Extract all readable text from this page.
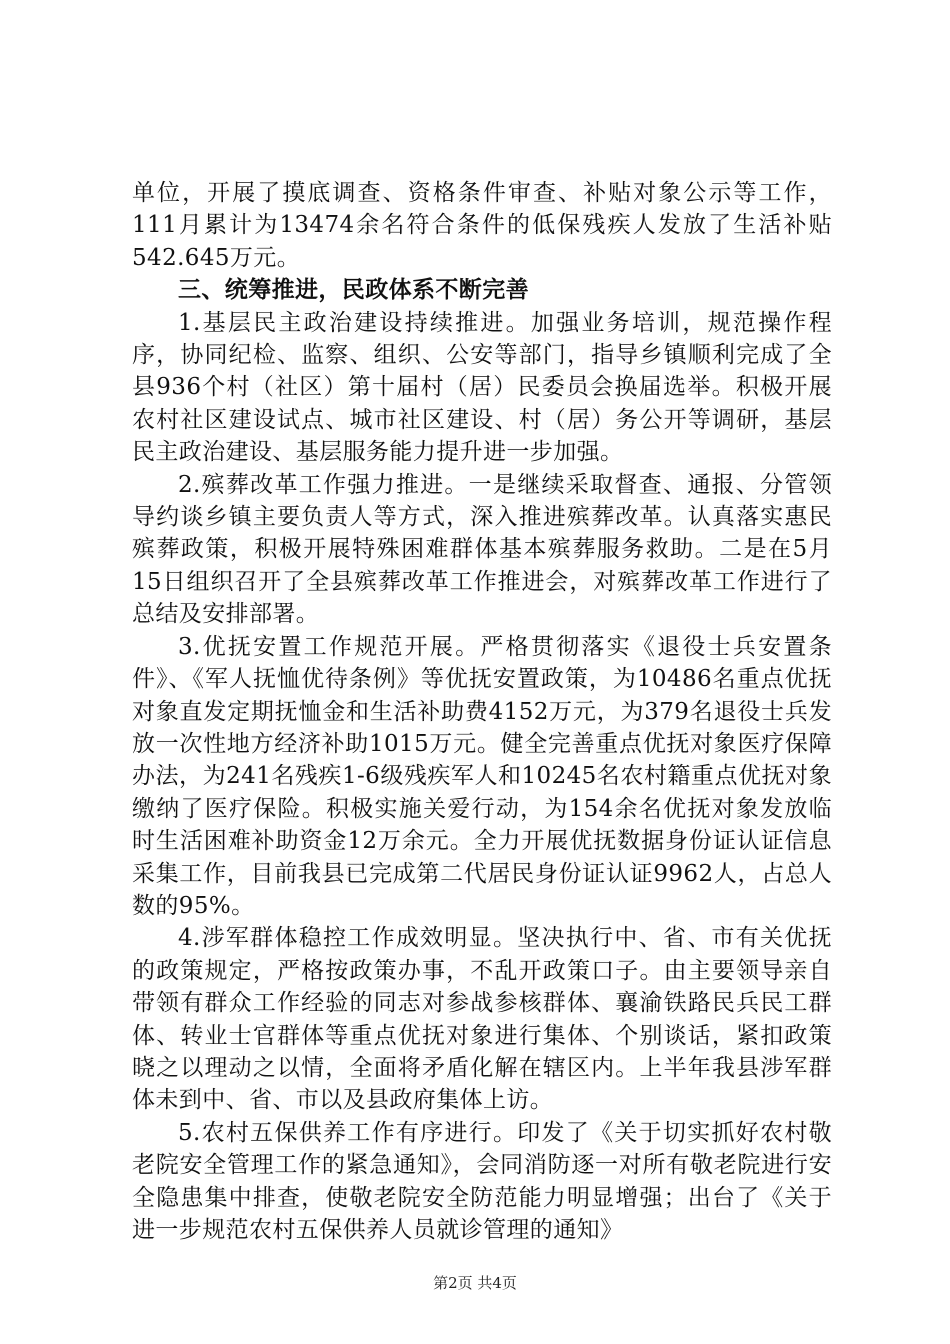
单位，开展了摸底调查、资格条件审查、补贴对象公示等工作，111月累计为13474余名符合条件的低保残疾人发放了生活补贴542.645万元。

三、统筹推进，民政体系不断完善

1.基层民主政治建设持续推进。加强业务培训，规范操作程序，协同纪检、监察、组织、公安等部门，指导乡镇顺利完成了全县936个村（社区）第十届村（居）民委员会换届选举。积极开展农村社区建设试点、城市社区建设、村（居）务公开等调研，基层民主政治建设、基层服务能力提升进一步加强。

2.殡葬改革工作强力推进。一是继续采取督查、通报、分管领导约谈乡镇主要负责人等方式，深入推进殡葬改革。认真落实惠民殡葬政策，积极开展特殊困难群体基本殡葬服务救助。二是在5月15日组织召开了全县殡葬改革工作推进会，对殡葬改革工作进行了总结及安排部署。

3.优抚安置工作规范开展。严格贯彻落实《退役士兵安置条件》、《军人抚恤优待条例》等优抚安置政策，为10486名重点优抚对象直发定期抚恤金和生活补助费4152万元，为379名退役士兵发放一次性地方经济补助1015万元。健全完善重点优抚对象医疗保障办法，为241名残疾1-6级残疾军人和10245名农村籍重点优抚对象缴纳了医疗保险。积极实施关爱行动，为154余名优抚对象发放临时生活困难补助资金12万余元。全力开展优抚数据身份证认证信息采集工作，目前我县已完成第二代居民身份证认证9962人，占总人数的95%。

4.涉军群体稳控工作成效明显。坚决执行中、省、市有关优抚的政策规定，严格按政策办事，不乱开政策口子。由主要领导亲自带领有群众工作经验的同志对参战参核群体、襄渝铁路民兵民工群体、转业士官群体等重点优抚对象进行集体、个别谈话，紧扣政策晓之以理动之以情，全面将矛盾化解在辖区内。上半年我县涉军群体未到中、省、市以及县政府集体上访。

5.农村五保供养工作有序进行。印发了《关于切实抓好农村敬老院安全管理工作的紧急通知》，会同消防逐一对所有敬老院进行安全隐患集中排查，使敬老院安全防范能力明显增强；出台了《关于进一步规范农村五保供养人员就诊管理的通知》

第2页 共4页
